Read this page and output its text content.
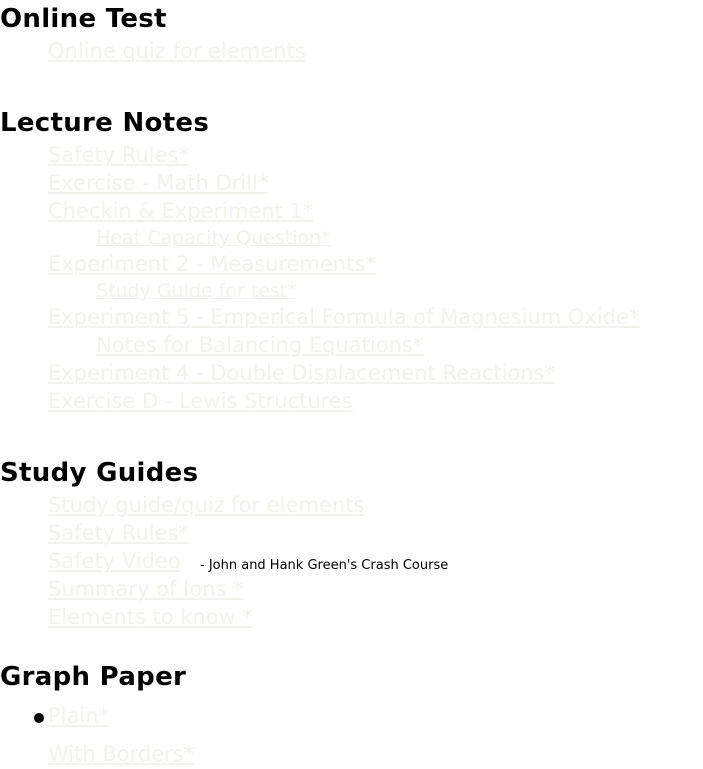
Online Test
Online quiz for elements
Lecture Notes
Safety Rules*
Exercise - Math Drill*
Checkin & Experiment 1*
Heat Capacity Question*
Experiment 2 - Measurements*
Study Guide for test*
Experiment 5 - Emperical Formula of Magnesium Oxide*
Notes for Balancing Equations*
Experiment 4 - Double Displacement Reactions*
Exercise D - Lewis Structures
Study Guides
Study guide/quiz for elements
Safety Rules*
Safety Video - John and Hank Green's Crash Course
Summary of Ions *
Elements to know *
Graph Paper
Plain*
With Borders*
